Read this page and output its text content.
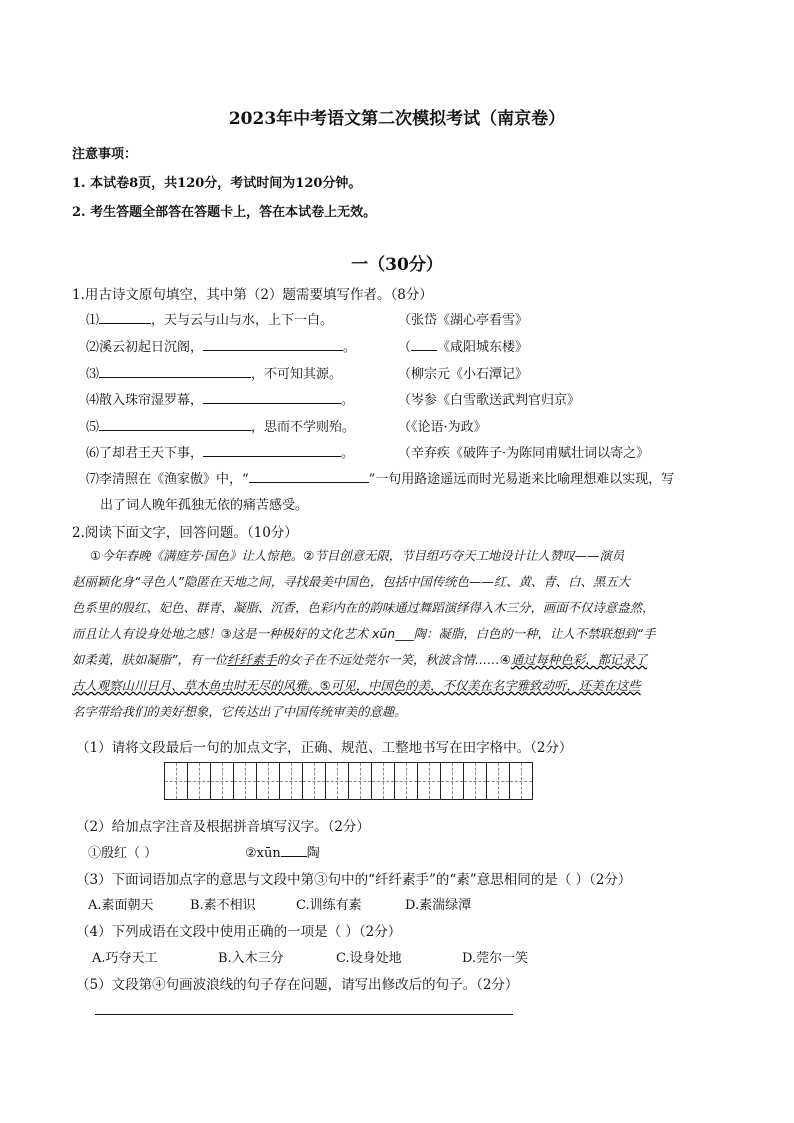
2023年中考语文第二次模拟考试（南京卷）
注意事项：
1. 本试卷8页，共120分，考试时间为120分钟。
2. 考生答题全部答在答题卡上，答在本试卷上无效。
一（30分）
1.用古诗文原句填空，其中第（2）题需要填写作者。（8分）
⑴	，天与云与山与水，上下一白。	（张岱《湖心亭看雪》
⑵溪云初起日沉阁，	。	（ 《咸阳城东楼》
⑶	，不可知其源。	（柳宗元《小石潭记》
⑷散入珠帘湿罗幕，	。	（岑参《白雪歌送武判官归京》
⑸	，思而不学则殆。	（《论语·为政》
⑹了却君王天下事，	。	（辛弃疾《破阵子·为陈同甫赋壮词以寄之》
⑺李清照在《渔家傲》中，“	”一句用路途遥远而时光易逝来比喻理想难以实现，写
出了词人晚年孤独无依的痛苦感受。
2.阅读下面文字，回答问题。（10分）
①今年春晚《满庭芳·国色》让人惊艳。②节目创意无限，节目组巧夺天工地设计让人赞叹——演员
赵丽颖化身“寻色人”隐匿在天地之间，寻找最美中国色，包括中国传统色——红、黄、青、白、黑五大
色系里的殷红、妃色、群青、凝脂、沉香，色彩内在的韵味通过舞蹈演绎得入木三分，画面不仅诗意盎然，
而且让人有设身处地之感！③这是一种极好的文化艺术 xūn___陶：凝脂，白色的一种，让人不禁联想到“手
如柔荑，肤如凝脂”，有一位纤纤素手的女子在不远处莞尔一笑，秋波含情……④通过每种色彩，都记录了
古人观察山川日月、草木鱼虫时无尽的风雅。⑤可见，中国色的美，不仅美在名字雅致动听，还美在这些
名字带给我们的美好想象，它传达出了中国传统审美的意趣。
（1）请将文段最后一句的加点文字，正确、规范、工整地书写在田字格中。（2分）
（2）给加点字注音及根据拼音填写汉字。（2分）
①殷红（ ）	②xūn 陶
（3）下面词语加点字的意思与文段中第③句中的“纤纤素手”的“素”意思相同的是（ ）（2分）
A.素面朝天	B.素不相识	C.训练有素	D.素湍绿潭
（4）下列成语在文段中使用正确的一项是（ ）（2分）
A.巧夺天工	B.入木三分	C.设身处地	D.莞尔一笑
（5）文段第④句画波浪线的句子存在问题，请写出修改后的句子。（2分）
